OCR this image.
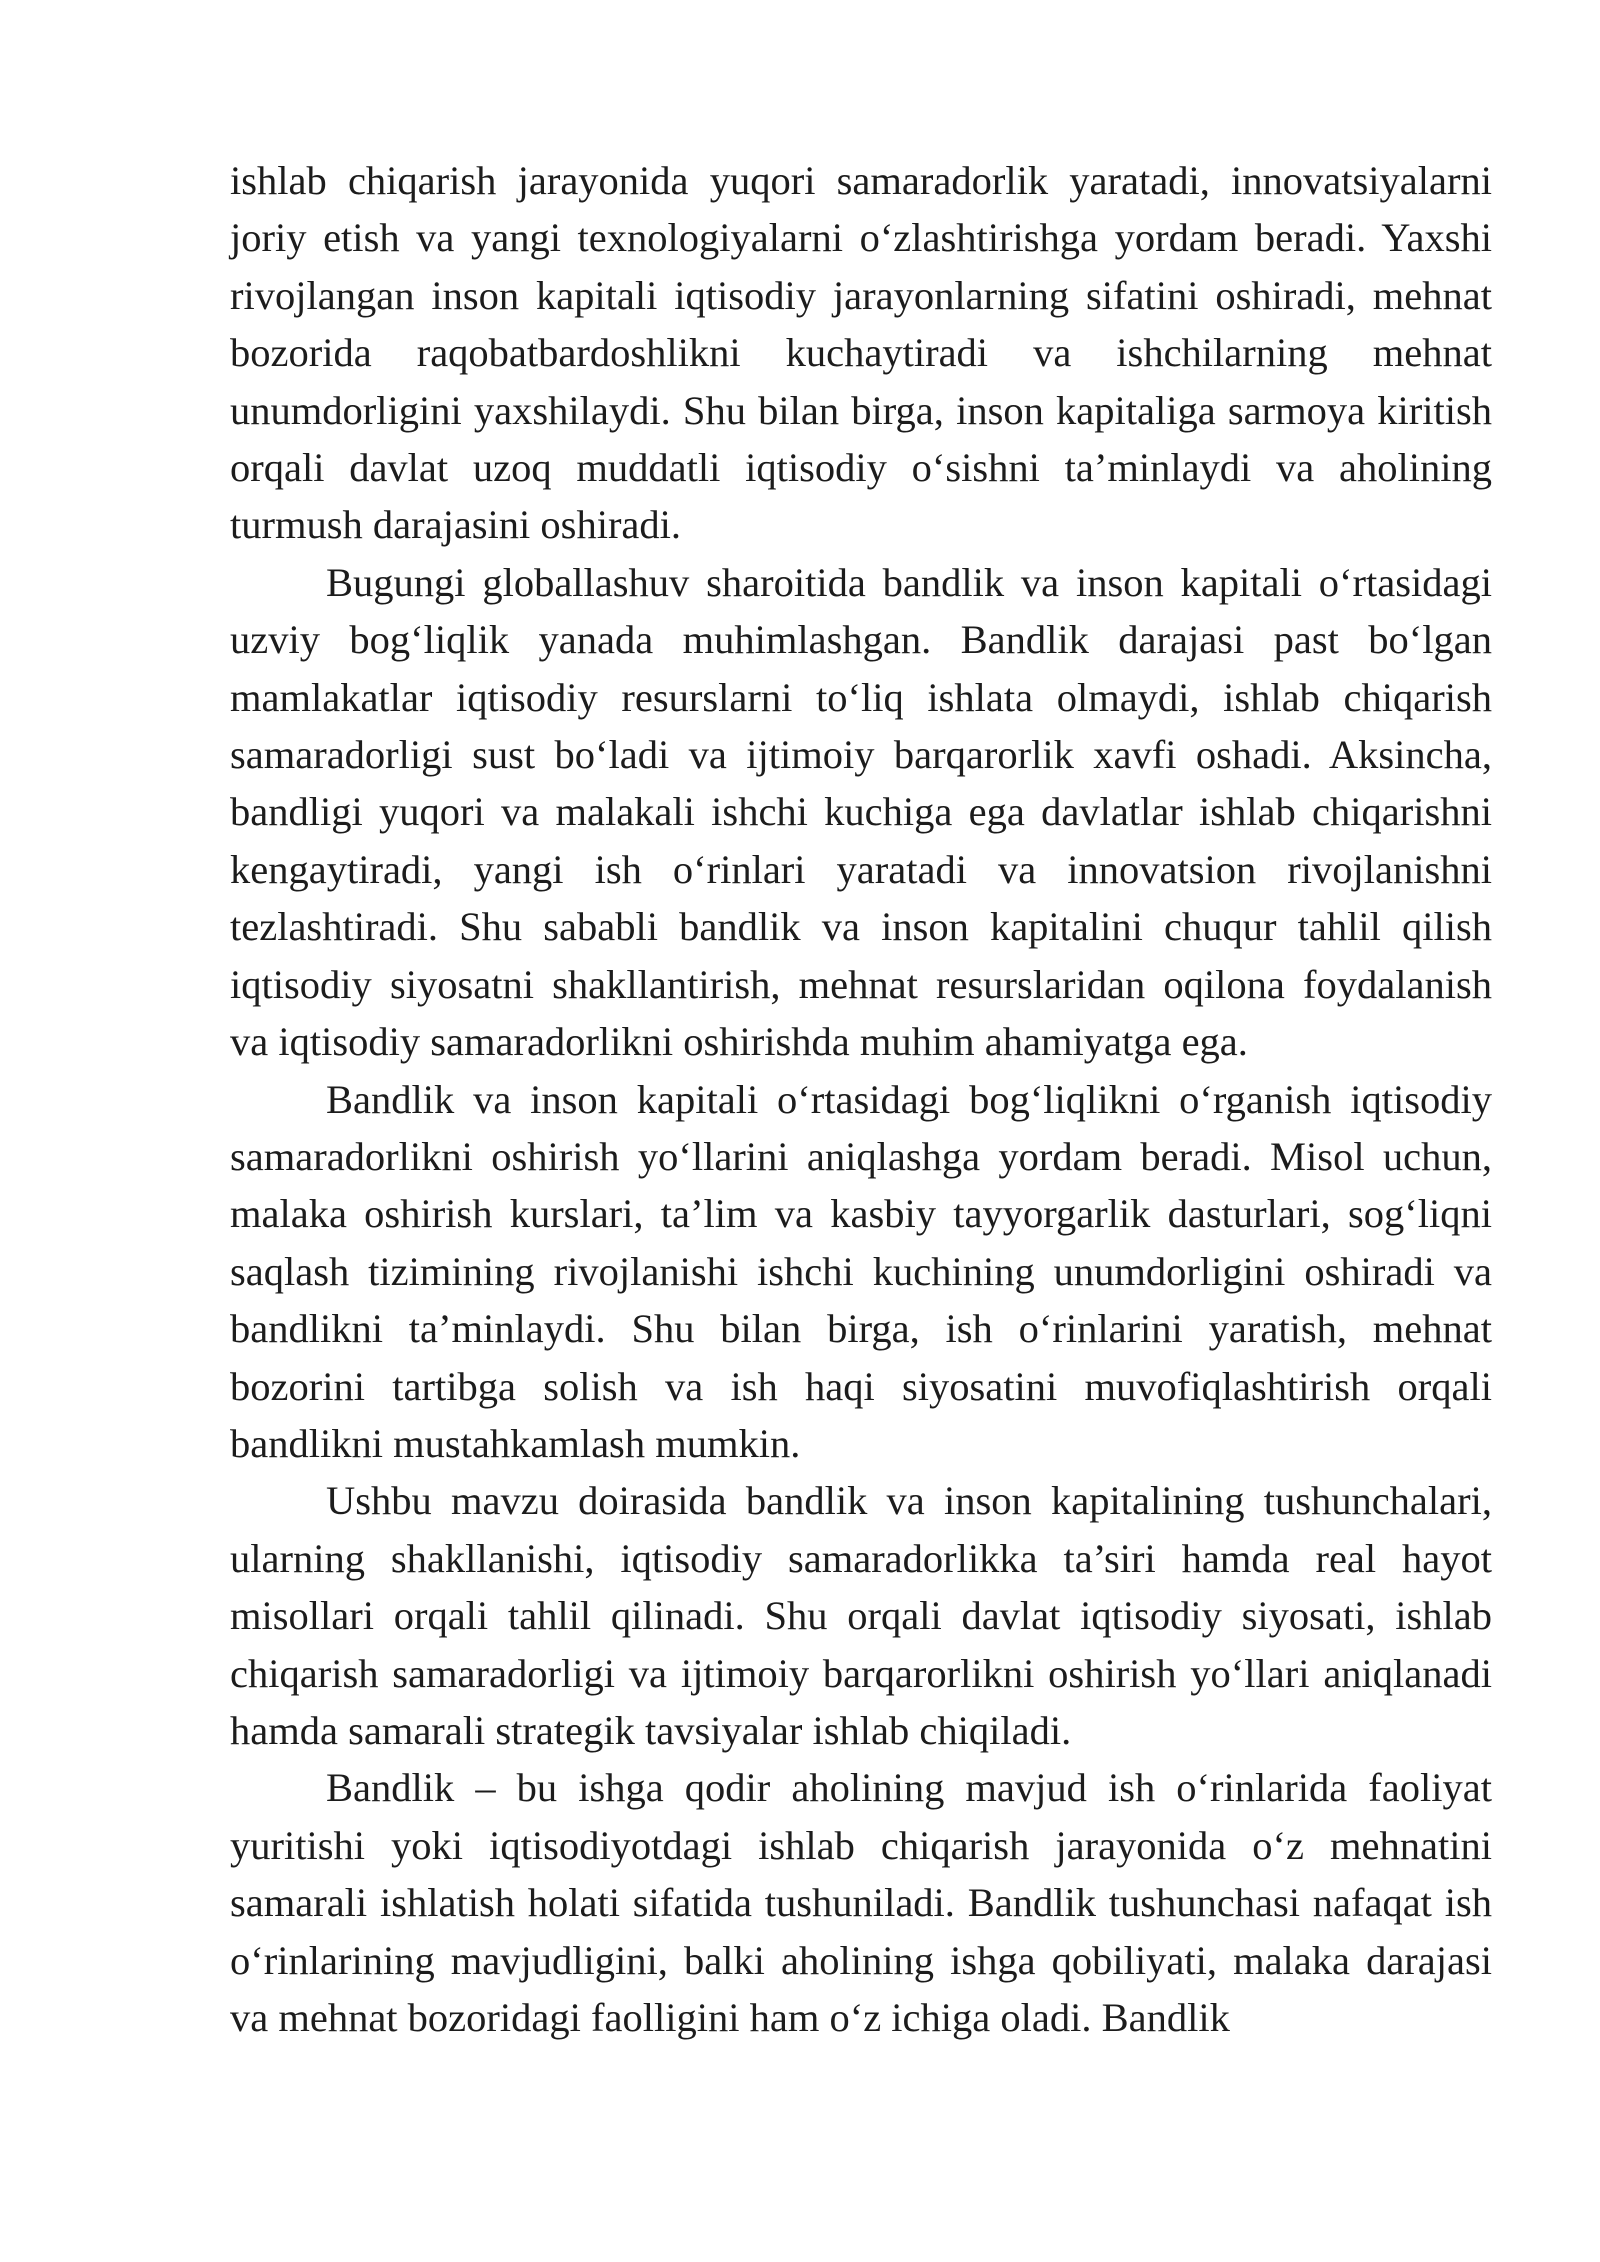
ishlab chiqarish jarayonida yuqori samaradorlik yaratadi, innovatsiyalarni joriy etish va yangi texnologiyalarni o‘zlashtirishga yordam beradi. Yaxshi rivojlangan inson kapitali iqtisodiy jarayonlarning sifatini oshiradi, mehnat bozorida raqobatbardoshlikni kuchaytiradi va ishchilarning mehnat unumdorligini yaxshilaydi. Shu bilan birga, inson kapitaliga sarmoya kiritish orqali davlat uzoq muddatli iqtisodiy o‘sishni ta’minlaydi va aholining turmush darajasini oshiradi.

Bugungi globallashuv sharoitida bandlik va inson kapitali o‘rtasidagi uzviy bog‘liqlik yanada muhimlashgan. Bandlik darajasi past bo‘lgan mamlakatlar iqtisodiy resurslarni to‘liq ishlata olmaydi, ishlab chiqarish samaradorligi sust bo‘ladi va ijtimoiy barqarorlik xavfi oshadi. Aksincha, bandligi yuqori va malakali ishchi kuchiga ega davlatlar ishlab chiqarishni kengaytiradi, yangi ish o‘rinlari yaratadi va innovatsion rivojlanishni tezlashtiradi. Shu sababli bandlik va inson kapitalini chuqur tahlil qilish iqtisodiy siyosatni shakllantirish, mehnat resurslaridan oqilona foydalanish va iqtisodiy samaradorlikni oshirishda muhim ahamiyatga ega.

Bandlik va inson kapitali o‘rtasidagi bog‘liqlikni o‘rganish iqtisodiy samaradorlikni oshirish yo‘llarini aniqlashga yordam beradi. Misol uchun, malaka oshirish kurslari, ta’lim va kasbiy tayyorgarlik dasturlari, sog‘liqni saqlash tizimining rivojlanishi ishchi kuchining unumdorligini oshiradi va bandlikni ta’minlaydi. Shu bilan birga, ish o‘rinlarini yaratish, mehnat bozorini tartibga solish va ish haqi siyosatini muvofiqlashtirish orqali bandlikni mustahkamlash mumkin.

Ushbu mavzu doirasida bandlik va inson kapitalining tushunchalari, ularning shakllanishi, iqtisodiy samaradorlikka ta’siri hamda real hayot misollari orqali tahlil qilinadi. Shu orqali davlat iqtisodiy siyosati, ishlab chiqarish samaradorligi va ijtimoiy barqarorlikni oshirish yo‘llari aniqlanadi hamda samarali strategik tavsiyalar ishlab chiqiladi.

Bandlik – bu ishga qodir aholining mavjud ish o‘rinlarida faoliyat yuritishi yoki iqtisodiyotdagi ishlab chiqarish jarayonida o‘z mehnatini samarali ishlatish holati sifatida tushuniladi. Bandlik tushunchasi nafaqat ish o‘rinlarining mavjudligini, balki aholining ishga qobiliyati, malaka darajasi va mehnat bozoridagi faolligini ham o‘z ichiga oladi. Bandlik
